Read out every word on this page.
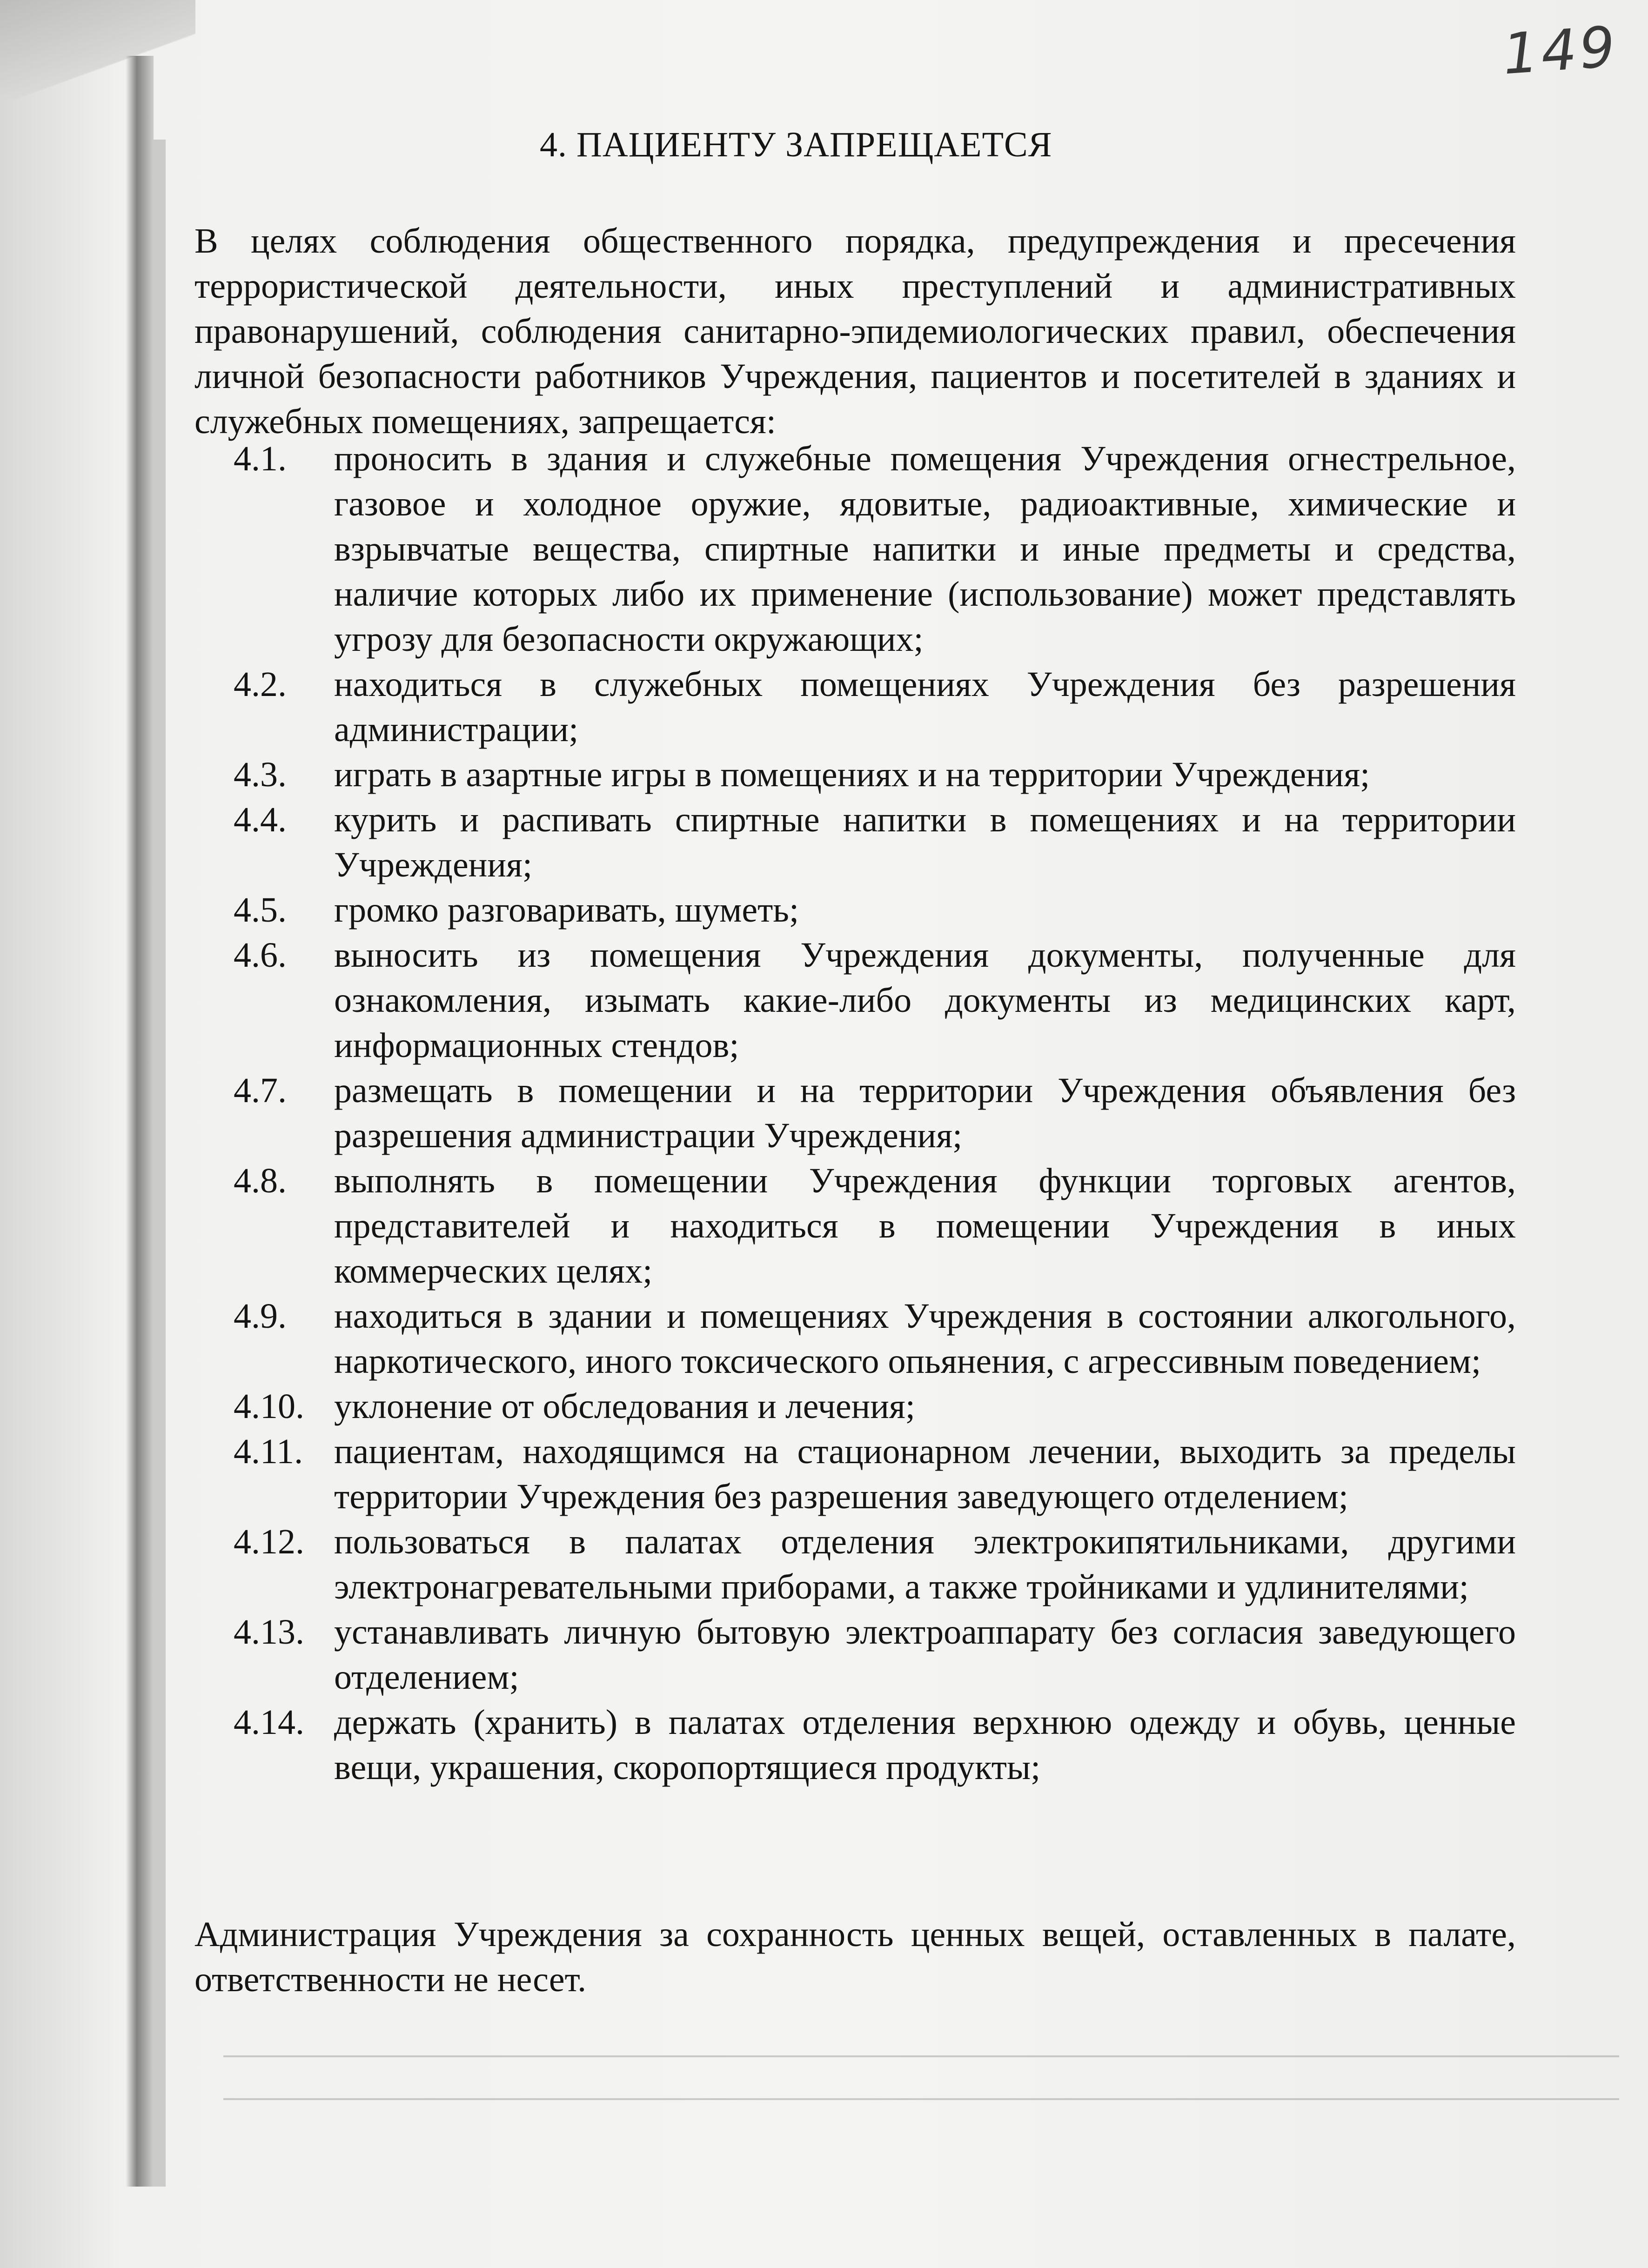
149
4. ПАЦИЕНТУ ЗАПРЕЩАЕТСЯ
В целях соблюдения общественного порядка, предупреждения и пресечения террористической деятельности, иных преступлений и административных правонарушений, соблюдения санитарно-эпидемиологических правил, обеспечения личной безопасности работников Учреждения, пациентов и посетителей в зданиях и служебных помещениях, запрещается:
4.1.	проносить в здания и служебные помещения Учреждения огнестрельное, газовое и холодное оружие, ядовитые, радиоактивные, химические и взрывчатые вещества, спиртные напитки и иные предметы и средства, наличие которых либо их применение (использование) может представлять угрозу для безопасности окружающих;
4.2.	находиться в служебных помещениях Учреждения без разрешения администрации;
4.3.	играть в азартные игры в помещениях и на территории Учреждения;
4.4.	курить и распивать спиртные напитки в помещениях и на территории Учреждения;
4.5.	громко разговаривать, шуметь;
4.6.	выносить из помещения Учреждения документы, полученные для ознакомления, изымать какие-либо документы из медицинских карт, информационных стендов;
4.7.	размещать в помещении и на территории Учреждения объявления без разрешения администрации Учреждения;
4.8.	выполнять в помещении Учреждения функции торговых агентов, представителей и находиться в помещении Учреждения в иных коммерческих целях;
4.9.	находиться в здании и помещениях Учреждения в состоянии алкогольного, наркотического, иного токсического опьянения, с агрессивным поведением;
4.10. уклонение от обследования и лечения;
4.11. пациентам, находящимся на стационарном лечении, выходить за пределы территории Учреждения без разрешения заведующего отделением;
4.12. пользоваться в палатах отделения электрокипятильниками, другими электронагревательными приборами, а также тройниками и удлинителями;
4.13. устанавливать личную бытовую электроаппарату без согласия заведующего отделением;
4.14. держать (хранить) в палатах отделения верхнюю одежду и обувь, ценные вещи, украшения, скоропортящиеся продукты;
Администрация Учреждения за сохранность ценных вещей, оставленных в палате, ответственности не несет.
